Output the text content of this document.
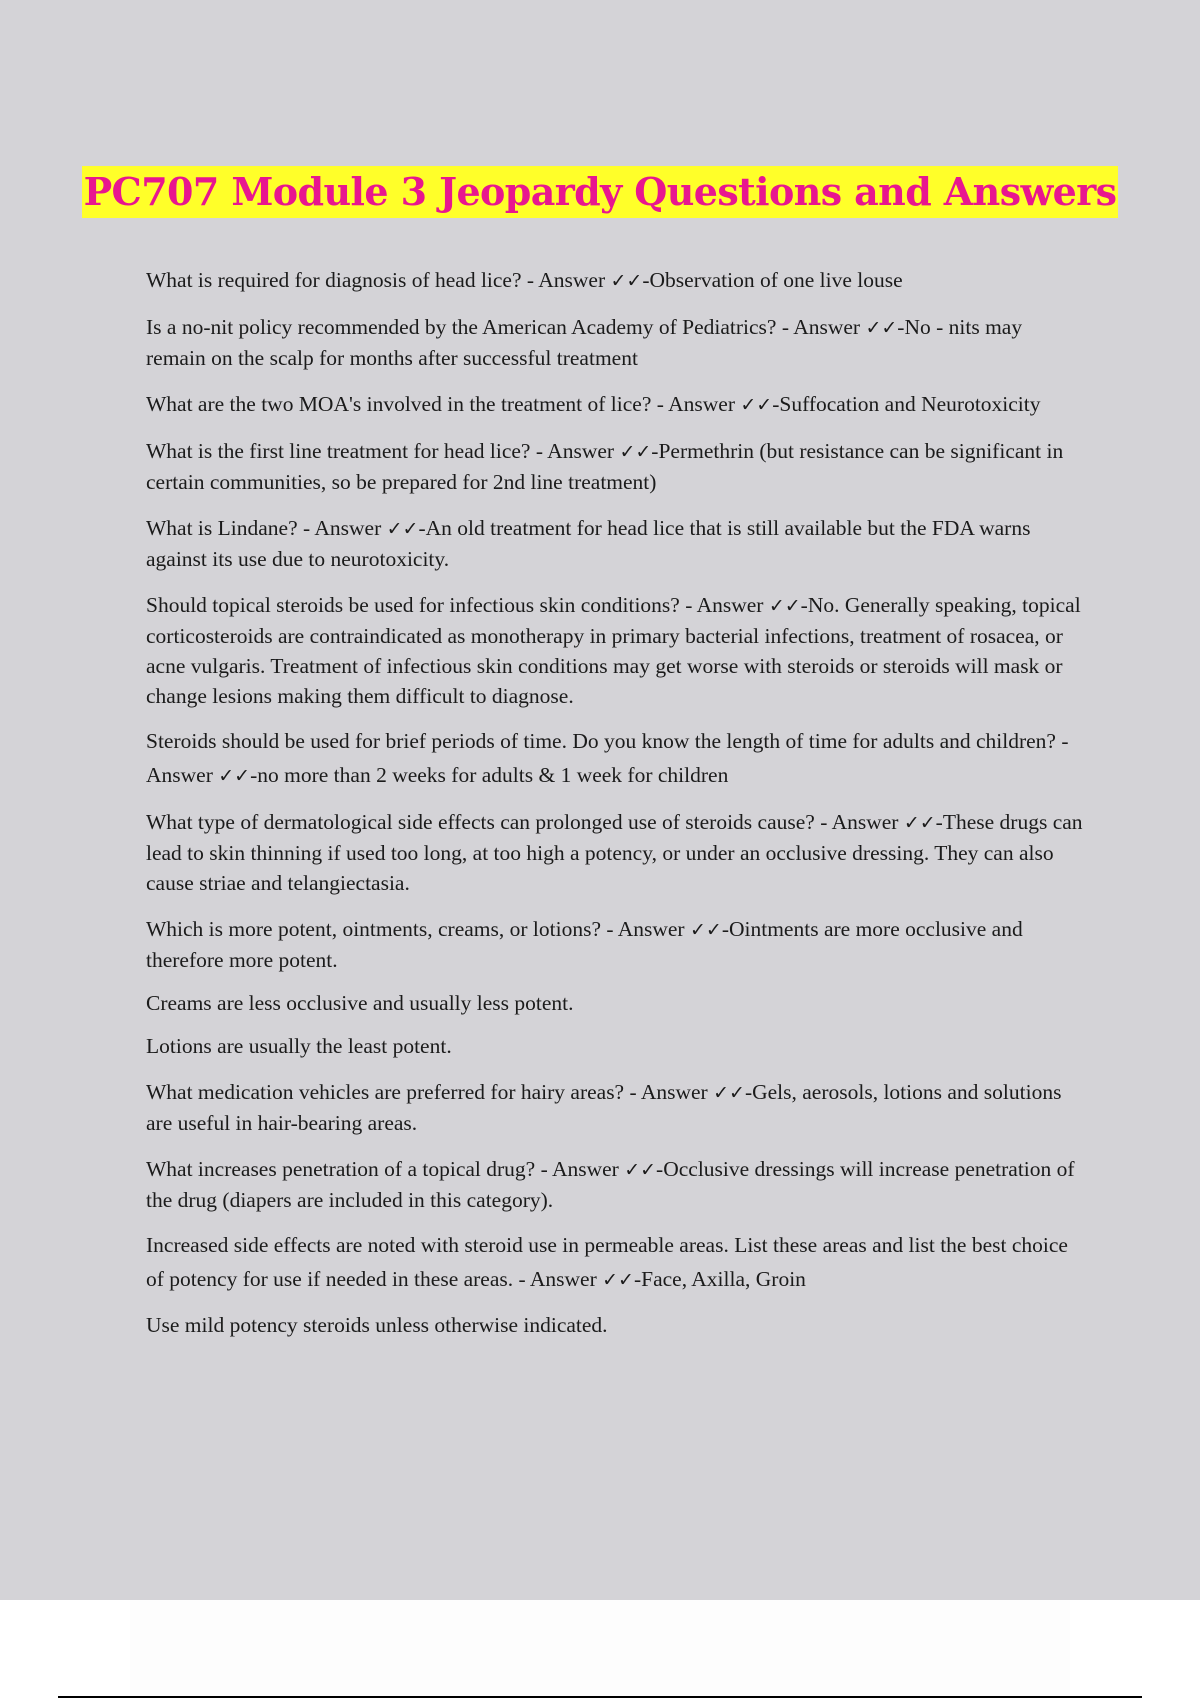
PC707 Module 3 Jeopardy Questions and Answers

What is required for diagnosis of head lice? - Answer ✓✓-Observation of one live louse

Is a no-nit policy recommended by the American Academy of Pediatrics? - Answer ✓✓-No - nits may remain on the scalp for months after successful treatment

What are the two MOA's involved in the treatment of lice? - Answer ✓✓-Suffocation and Neurotoxicity

What is the first line treatment for head lice? - Answer ✓✓-Permethrin (but resistance can be significant in certain communities, so be prepared for 2nd line treatment)

What is Lindane? - Answer ✓✓-An old treatment for head lice that is still available but the FDA warns against its use due to neurotoxicity.

Should topical steroids be used for infectious skin conditions? - Answer ✓✓-No. Generally speaking, topical corticosteroids are contraindicated as monotherapy in primary bacterial infections, treatment of rosacea, or acne vulgaris. Treatment of infectious skin conditions may get worse with steroids or steroids will mask or change lesions making them difficult to diagnose.

Steroids should be used for brief periods of time. Do you know the length of time for adults and children? - Answer ✓✓-no more than 2 weeks for adults & 1 week for children

What type of dermatological side effects can prolonged use of steroids cause? - Answer ✓✓-These drugs can lead to skin thinning if used too long, at too high a potency, or under an occlusive dressing. They can also cause striae and telangiectasia.

Which is more potent, ointments, creams, or lotions? - Answer ✓✓-Ointments are more occlusive and therefore more potent.

Creams are less occlusive and usually less potent.

Lotions are usually the least potent.

What medication vehicles are preferred for hairy areas? - Answer ✓✓-Gels, aerosols, lotions and solutions are useful in hair-bearing areas.

What increases penetration of a topical drug? - Answer ✓✓-Occlusive dressings will increase penetration of the drug (diapers are included in this category).

Increased side effects are noted with steroid use in permeable areas. List these areas and list the best choice of potency for use if needed in these areas. - Answer ✓✓-Face, Axilla, Groin

Use mild potency steroids unless otherwise indicated.
